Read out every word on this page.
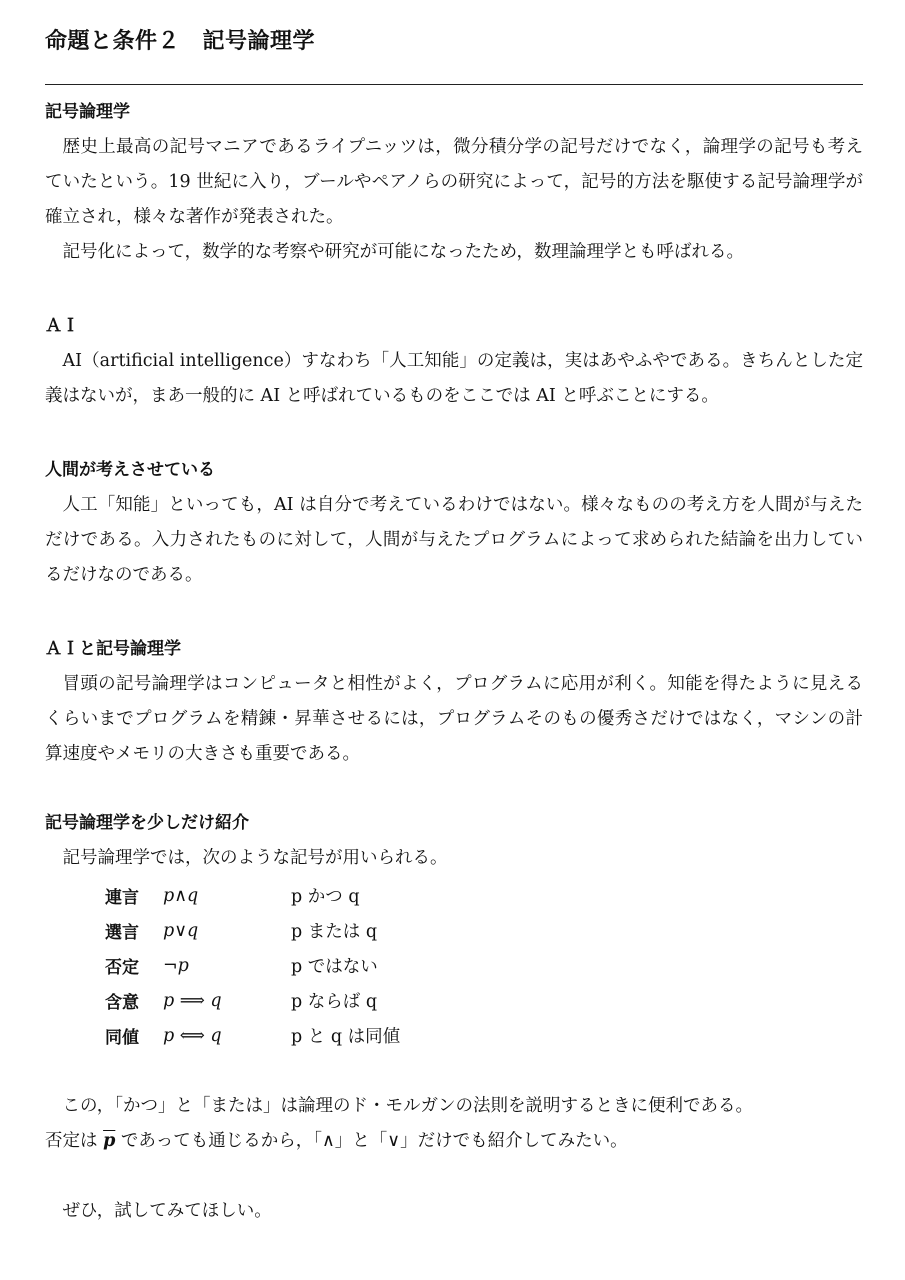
命題と条件２　記号論理学
記号論理学

歴史上最高の記号マニアであるライプニッツは，微分積分学の記号だけでなく，論理学の記号も考えていたという。19 世紀に入り，ブールやペアノらの研究によって，記号的方法を駆使する記号論理学が確立され，様々な著作が発表された。

記号化によって，数学的な考察や研究が可能になったため，数理論理学とも呼ばれる。

ＡＩ

AI（artificial intelligence）すなわち「人工知能」の定義は，実はあやふやである。きちんとした定義はないが，まあ一般的に AI と呼ばれているものをここでは AI と呼ぶことにする。

人間が考えさせている

人工「知能」といっても，AI は自分で考えているわけではない。様々なものの考え方を人間が与えただけである。入力されたものに対して，人間が与えたプログラムによって求められた結論を出力しているだけなのである。

ＡＩと記号論理学

冒頭の記号論理学はコンピュータと相性がよく，プログラムに応用が利く。知能を得たように見えるくらいまでプログラムを精錬・昇華させるには，プログラムそのもの優秀さだけではなく，マシンの計算速度やメモリの大きさも重要である。

記号論理学を少しだけ紹介

記号論理学では，次のような記号が用いられる。

連言	p∧q	p かつ q
選言	p∨q	p または q
否定	¬p	p ではない
含意	p ⟹ q	p ならば q
同値	p ⟺ q	p と q は同値

この，「かつ」と「または」は論理のド・モルガンの法則を説明するときに便利である。

否定は $\overline{p}$ であっても通じるから，「∧」と「∨」だけでも紹介してみたい。

ぜひ，試してみてほしい。
